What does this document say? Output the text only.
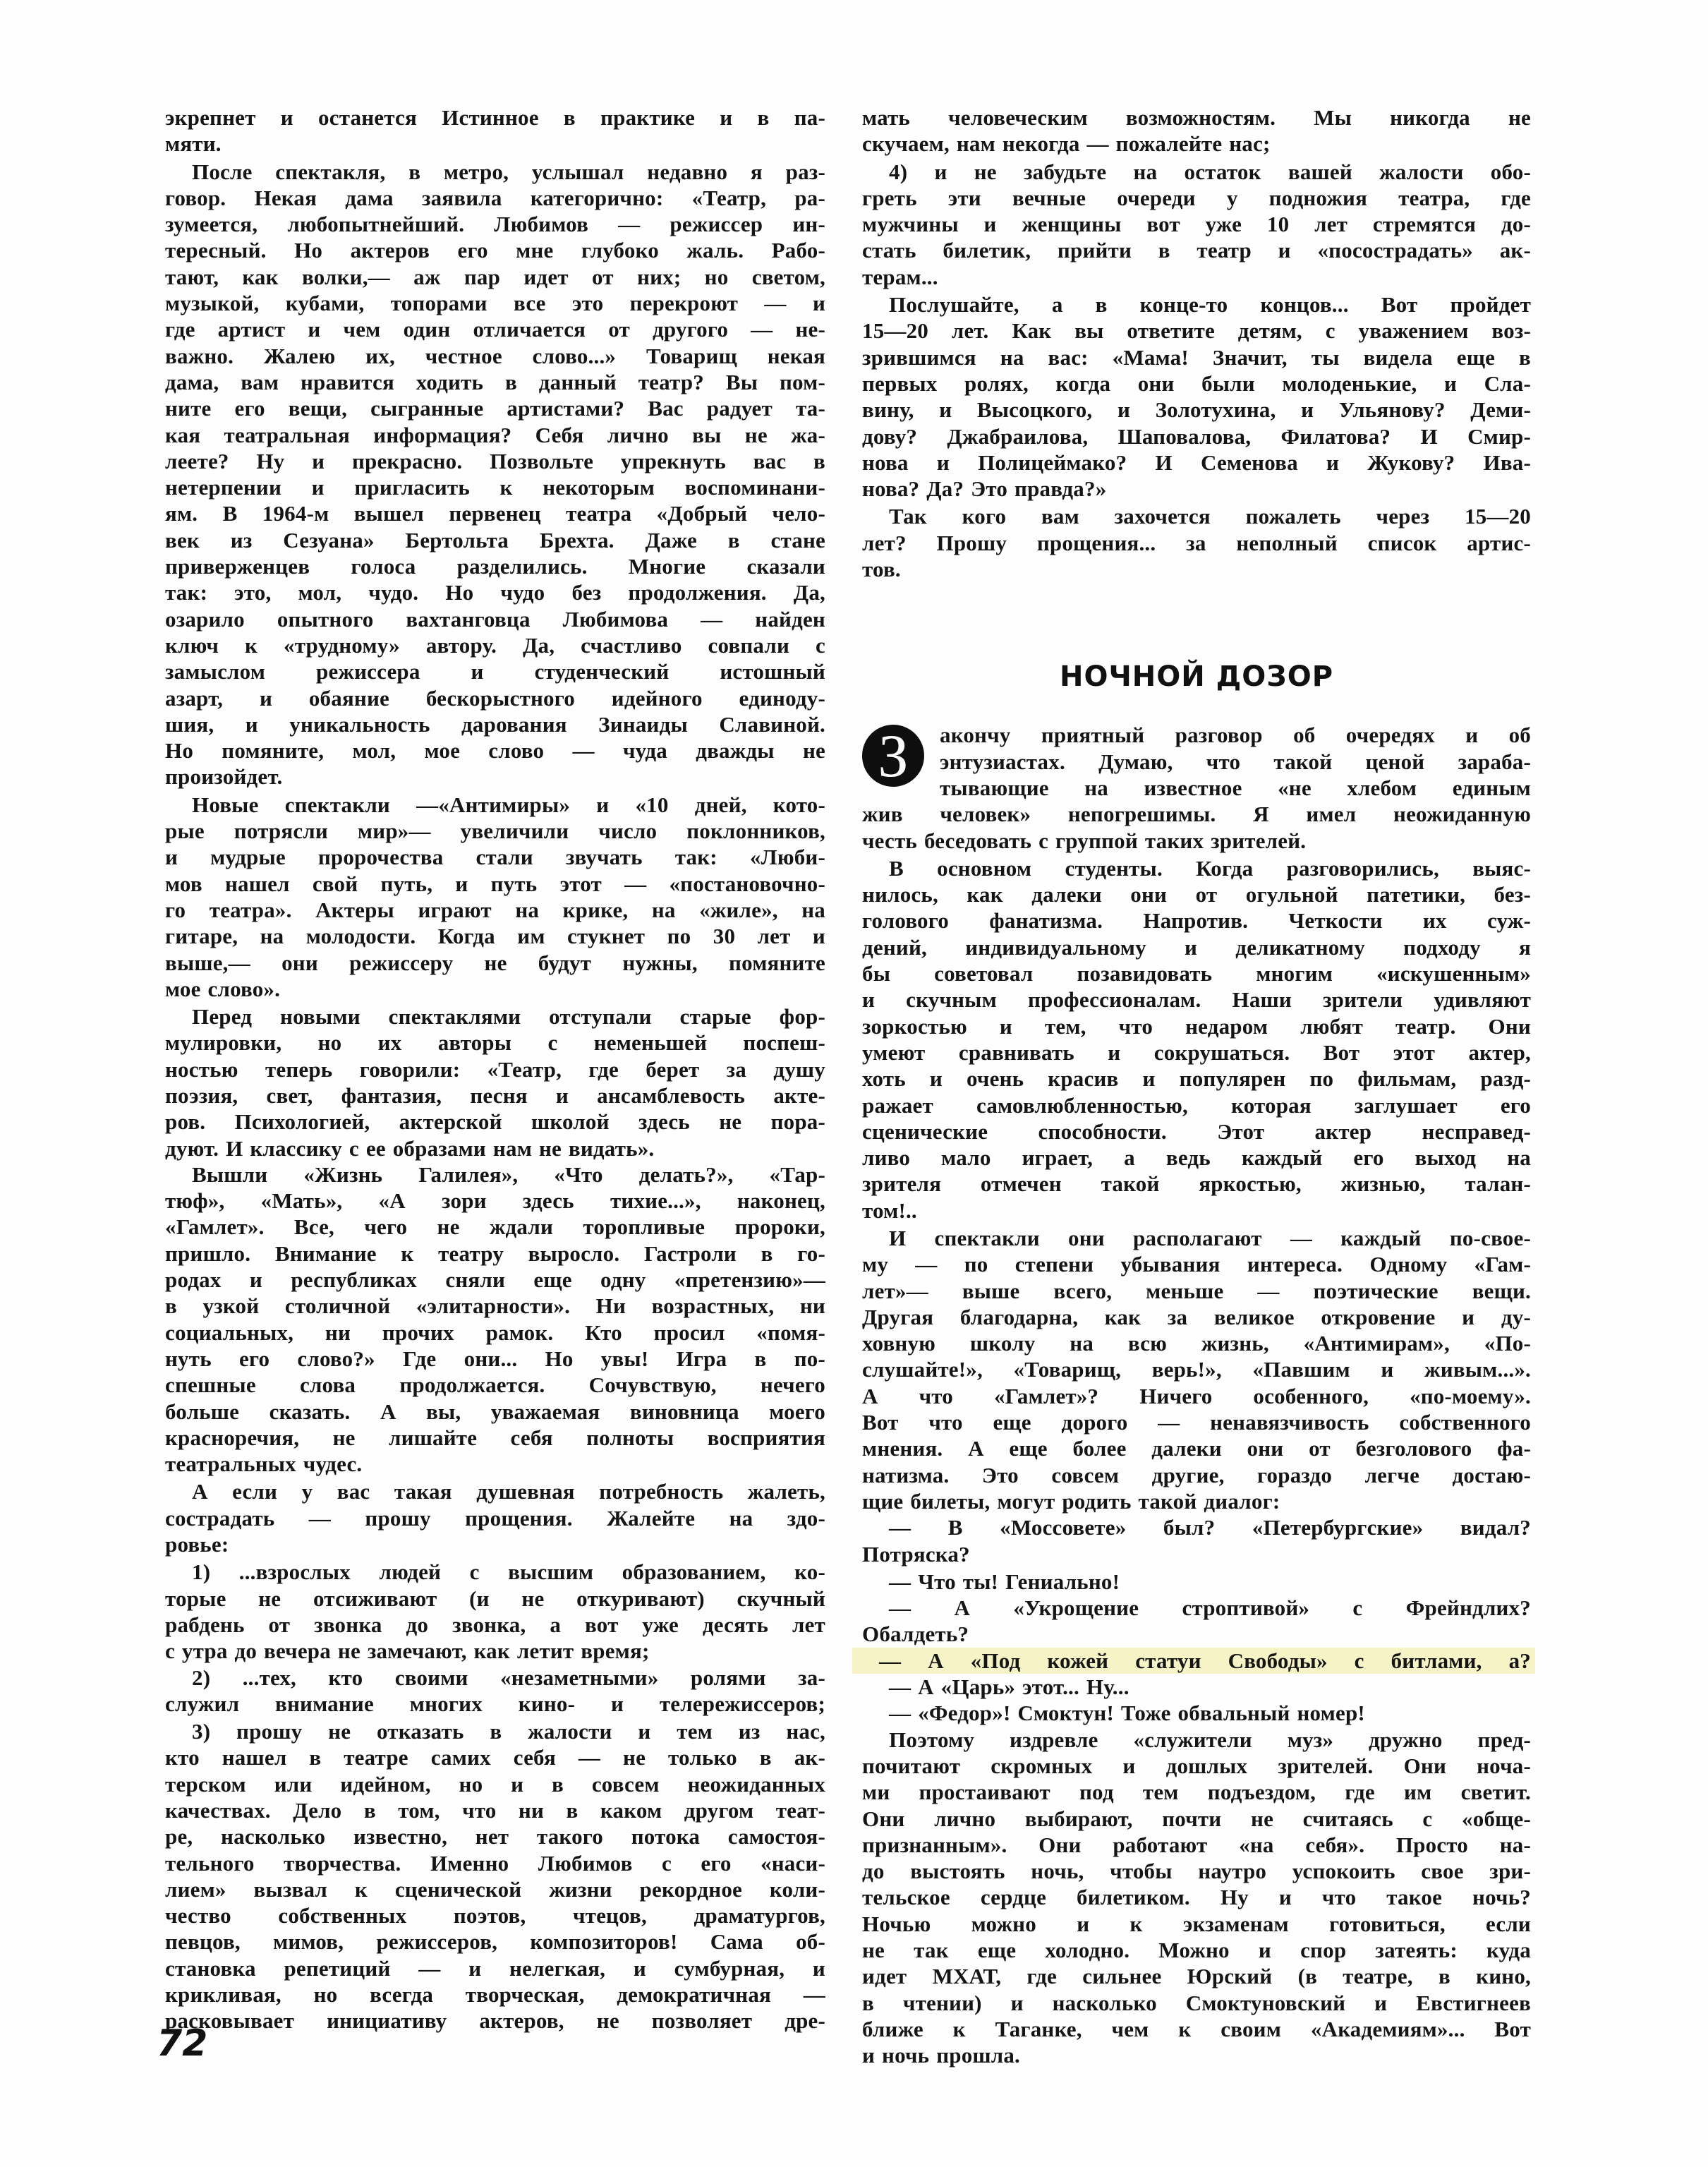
экрепнет и останется Истинное в практике и в па-
мяти.
После спектакля, в метро, услышал недавно я раз-
говор. Некая дама заявила категорично: «Театр, ра-
зумеется, любопытнейший. Любимов — режиссер ин-
тересный. Но актеров его мне глубоко жаль. Рабо-
тают, как волки,— аж пар идет от них; но светом,
музыкой, кубами, топорами все это перекроют — и
где артист и чем один отличается от другого — не-
важно. Жалею их, честное слово...» Товарищ некая
дама, вам нравится ходить в данный театр? Вы пом-
ните его вещи, сыгранные артистами? Вас радует та-
кая театральная информация? Себя лично вы не жа-
леете? Ну и прекрасно. Позвольте упрекнуть вас в
нетерпении и пригласить к некоторым воспоминани-
ям. В 1964-м вышел первенец театра «Добрый чело-
век из Сезуана» Бертольта Брехта. Даже в стане
приверженцев голоса разделились. Многие сказали
так: это, мол, чудо. Но чудо без продолжения. Да,
озарило опытного вахтанговца Любимова — найден
ключ к «трудному» автору. Да, счастливо совпали с
замыслом режиссера и студенческий истошный
азарт, и обаяние бескорыстного идейного единоду-
шия, и уникальность дарования Зинаиды Славиной.
Но помяните, мол, мое слово — чуда дважды не
произойдет.
Новые спектакли —«Антимиры» и «10 дней, кото-
рые потрясли мир»— увеличили число поклонников,
и мудрые пророчества стали звучать так: «Люби-
мов нашел свой путь, и путь этот — «постановочно-
го театра». Актеры играют на крике, на «жиле», на
гитаре, на молодости. Когда им стукнет по 30 лет и
выше,— они режиссеру не будут нужны, помяните
мое слово».
Перед новыми спектаклями отступали старые фор-
мулировки, но их авторы с неменьшей поспеш-
ностью теперь говорили: «Театр, где берет за душу
поэзия, свет, фантазия, песня и ансамблевость акте-
ров. Психологией, актерской школой здесь не пора-
дуют. И классику с ее образами нам не видать».
Вышли «Жизнь Галилея», «Что делать?», «Тар-
тюф», «Мать», «А зори здесь тихие...», наконец,
«Гамлет». Все, чего не ждали торопливые пророки,
пришло. Внимание к театру выросло. Гастроли в го-
родах и республиках сняли еще одну «претензию»—
в узкой столичной «элитарности». Ни возрастных, ни
социальных, ни прочих рамок. Кто просил «помя-
нуть его слово?» Где они... Но увы! Игра в по-
спешные слова продолжается. Сочувствую, нечего
больше сказать. А вы, уважаемая виновница моего
красноречия, не лишайте себя полноты восприятия
театральных чудес.
А если у вас такая душевная потребность жалеть,
сострадать — прошу прощения. Жалейте на здо-
ровье:
1) ...взрослых людей с высшим образованием, ко-
торые не отсиживают (и не откуривают) скучный
рабдень от звонка до звонка, а вот уже десять лет
с утра до вечера не замечают, как летит время;
2) ...тех, кто своими «незаметными» ролями за-
служил внимание многих кино- и телережиссеров;
3) прошу не отказать в жалости и тем из нас,
кто нашел в театре самих себя — не только в ак-
терском или идейном, но и в совсем неожиданных
качествах. Дело в том, что ни в каком другом теат-
ре, насколько известно, нет такого потока самостоя-
тельного творчества. Именно Любимов с его «наси-
лием» вызвал к сценической жизни рекордное коли-
чество собственных поэтов, чтецов, драматургов,
певцов, мимов, режиссеров, композиторов! Сама об-
становка репетиций — и нелегкая, и сумбурная, и
крикливая, но всегда творческая, демократичная —
расковывает инициативу актеров, не позволяет дре-
мать человеческим возможностям. Мы никогда не
скучаем, нам некогда — пожалейте нас;
4) и не забудьте на остаток вашей жалости обо-
греть эти вечные очереди у подножия театра, где
мужчины и женщины вот уже 10 лет стремятся до-
стать билетик, прийти в театр и «посострадать» ак-
терам...
Послушайте, а в конце-то концов... Вот пройдет
15—20 лет. Как вы ответите детям, с уважением воз-
зрившимся на вас: «Мама! Значит, ты видела еще в
первых ролях, когда они были молоденькие, и Сла-
вину, и Высоцкого, и Золотухина, и Ульянову? Деми-
дову? Джабраилова, Шаповалова, Филатова? И Смир-
нова и Полицеймако? И Семенова и Жукову? Ива-
нова? Да? Это правда?»
Так кого вам захочется пожалеть через 15—20
лет? Прошу прощения... за неполный список артис-
тов.
НОЧНОЙ ДОЗОР
З	акончу приятный разговор об очередях и об
энтузиастах. Думаю, что такой ценой зараба-
тывающие на известное «не хлебом единым
жив человек» непогрешимы. Я имел неожиданную
честь беседовать с группой таких зрителей.
В основном студенты. Когда разговорились, выяс-
нилось, как далеки они от огульной патетики, без-
голового фанатизма. Напротив. Четкости их суж-
дений, индивидуальному и деликатному подходу я
бы советовал позавидовать многим «искушенным»
и скучным профессионалам. Наши зрители удивляют
зоркостью и тем, что недаром любят театр. Они
умеют сравнивать и сокрушаться. Вот этот актер,
хоть и очень красив и популярен по фильмам, разд-
ражает самовлюбленностью, которая заглушает его
сценические способности. Этот актер несправед-
ливо мало играет, а ведь каждый его выход на
зрителя отмечен такой яркостью, жизнью, талан-
том!..
И спектакли они располагают — каждый по-свое-
му — по степени убывания интереса. Одному «Гам-
лет»— выше всего, меньше — поэтические вещи.
Другая благодарна, как за великое откровение и ду-
ховную школу на всю жизнь, «Антимирам», «По-
слушайте!», «Товарищ, верь!», «Павшим и живым...».
А что «Гамлет»? Ничего особенного, «по-моему».
Вот что еще дорого — ненавязчивость собственного
мнения. А еще более далеки они от безголового фа-
натизма. Это совсем другие, гораздо легче достаю-
щие билеты, могут родить такой диалог:
— В «Моссовете» был? «Петербургские» видал?
Потряска?
— Что ты! Гениально!
— А «Укрощение строптивой» с Фрейндлих?
Обалдеть?
— А «Под кожей статуи Свободы» с битлами, а?
— А «Царь» этот... Ну...
— «Федор»! Смоктун! Тоже обвальный номер!
Поэтому издревле «служители муз» дружно пред-
почитают скромных и дошлых зрителей. Они ноча-
ми простаивают под тем подъездом, где им светит.
Они лично выбирают, почти не считаясь с «обще-
признанным». Они работают «на себя». Просто на-
до выстоять ночь, чтобы наутро успокоить свое зри-
тельское сердце билетиком. Ну и что такое ночь?
Ночью можно и к экзаменам готовиться, если
не так еще холодно. Можно и спор затеять: куда
идет МХАТ, где сильнее Юрский (в театре, в кино,
в чтении) и насколько Смоктуновский и Евстигнеев
ближе к Таганке, чем к своим «Академиям»... Вот
и ночь прошла.
72
